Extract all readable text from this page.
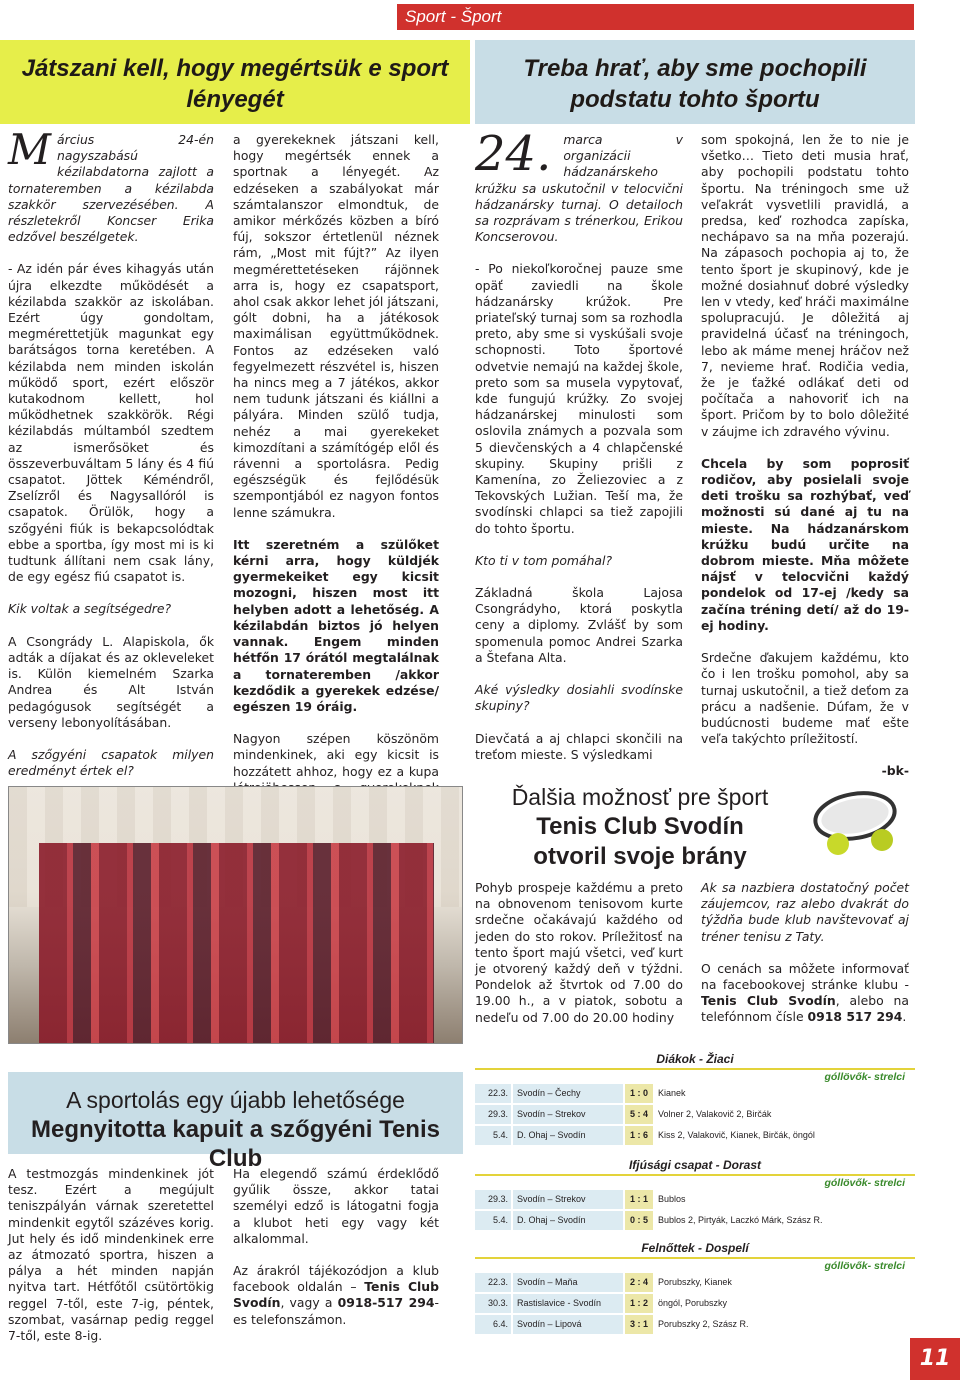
Sport - Šport
Játszani kell, hogy megértsük e sport lényegét
Treba hrať, aby sme pochopili podstatu tohto športu

Március 24-én nagyszabású kézilabdatorna zajlott a tornateremben a kézilabda szakkör szervezésében. A részletekről Koncser Erika edzővel beszélgetek.

- Az idén pár éves kihagyás után újra elkezdte működését a kézilabda szakkör az iskolában. Ezért úgy gondoltam, megmérettetjük magunkat egy barátságos torna keretében. A kézilabda nem minden iskolán működő sport, ezért először kutakodnom kellett, hol működhetnek szakkörök. Régi kézilabdás múltamból szedtem az ismerősöket és összeverbuváltam 5 lány és 4 fiú csapatot. Jöttek Kéméndről, Zselízről és Nagysallóról is csapatok. Örülök, hogy a szőgyéni fiúk is bekapcsolódtak ebbe a sportba, így most mi is ki tudtunk állítani nem csak lány, de egy egész fiú csapatot is.

Kik voltak a segítségedre?

A Csongrády L. Alapiskola, ők adták a díjakat és az okleveleket is. Külön kiemelném Szarka Andrea és Alt István pedagógusok segítségét a verseny lebonyolításában.

A szőgyéni csapatok milyen eredményt értek el?

a gyerekeknek játszani kell, hogy megértsék ennek a sportnak a lényegét. Az edzéseken a szabályokat már számtalanszor elmondtuk, de amikor mérkőzés közben a bíró fúj, sokszor értetlenül néznek rám, „Most mit fújt?” Az ilyen megmérettetéseken rájönnek arra is, hogy ez csapatsport, ahol csak akkor lehet jól játszani, gólt dobni, ha a játékosok maximálisan együttműködnek. Fontos az edzéseken való fegyelmezett részvétel is, hiszen ha nincs meg a 7 játékos, akkor nem tudunk játszani és kiállni a pályára. Minden szülő tudja, nehéz a mai gyerekeket kimozdítani a számítógép elől és rávenni a sportolásra. Pedig egészségük és fejlődésük szempontjából ez nagyon fontos lenne számukra.

Itt szeretném a szülőket kérni arra, hogy küldjék gyermekeiket egy kicsit mozogni, hiszen most itt helyben adott a lehetőség. A kézilabdán biztos jó helyen vannak. Engem minden hétfőn 17 órától megtalálnak a tornateremben /akkor kezdődik a gyerekek edzése/ egészen 19 óráig.

Nagyon szépen köszönöm mindenkinek, aki egy kicsit is hozzátett ahhoz, hogy ez a kupa

24. marca v organizácii hádzanárskeho krúžku sa uskutočnil v telocvični hádzanársky turnaj. O detailoch sa rozprávam s trénerkou, Erikou Koncserovou.

- Po niekoľkoročnej pauze sme opäť zaviedli na škole hádzanársky krúžok. Pre priateľský turnaj som sa rozhodla preto, aby sme si vyskúšali svoje schopnosti. Toto športové odvetvie nemajú na každej škole, preto som sa musela vypytovať, kde fungujú krúžky. Zo svojej hádzanárskej minulosti som oslovila známych a pozvala som 5 dievčenských a 4 chlapčenské skupiny. Skupiny prišli z Kamenína, zo Želiezoviec a z Tekovských Lužian. Teší ma, že svodínski chlapci sa tiež zapojili do tohto športu.

Kto ti v tom pomáhal?

Základná škola Lajosa Csongrádyho, ktorá poskytla ceny a diplomy. Zvlášť by som spomenula pomoc Andrei Szarka a Štefana Alta.

Aké výsledky dosiahli svodínske skupiny?

Dievčatá a aj chlapci skončili na treťom mieste. S výsledkami

som spokojná, len že to nie je všetko… Tieto deti musia hrať, aby pochopili podstatu tohto športu. Na tréningoch sme už veľakrát vysvetlili pravidlá, a predsa, keď rozhodca zapíska, nechápavo sa na mňa pozerajú. Na zápasoch pochopia aj to, že tento šport je skupinový, kde je možné dosiahnuť dobré výsledky len v vtedy, keď hráči maximálne spolupracujú. Je dôležitá aj pravidelná účasť na tréningoch, lebo ak máme menej hráčov než 7, nevieme hrať. Rodičia vedia, že je ťažké odlákať deti od počítača a nahovoriť ich na šport. Pričom by to bolo dôležité v záujme ich zdravého vývinu.

Chcela by som poprosiť rodičov, aby posielali svoje deti trošku sa rozhýbať, veď možnosti sú dané aj tu na mieste. Na hádzanárskom krúžku budú určite na dobrom mieste. Mňa môžete nájsť v telocvični každý pondelok od 17-ej /kedy sa začína tréning detí/ až do 19-ej hodiny.

Srdečne ďakujem každému, kto čo i len trošku pomohol, aby sa turnaj uskutočnil, a tiež deťom za prácu a nadšenie. Dúfam, že v budúcnosti budeme mať ešte veľa takýchto príležitostí.

-bk-

Ďalšia možnosť pre šport
Tenis Club Svodín
otvoril svoje brány

Pohyb prospeje každému a preto na obnovenom tenisovom kurte srdečne očakávajú každého od jeden do sto rokov. Príležitosť na tento šport majú všetci, veď kurt je otvorený každý deň v týždni. Pondelok až štvrtok od 7.00 do 19.00 h., a v piatok, sobotu a nedeľu od 7.00 do 20.00 hodiny

Ak sa nazbiera dostatočný počet záujemcov, raz alebo dvakrát do týždňa bude klub navštevovať aj tréner tenisu z Taty.

O cenách sa môžete informovať na facebookovej stránke klubu - Tenis Club Svodín, alebo na telefónnom čísle 0918 517 294.

A sportolás egy újabb lehetősége
Megnyitotta kapuit a szőgyéni Tenis Club

A testmozgás mindenkinek jót tesz. Ezért a megújult teniszpályán várnak szeretettel mindenkit egytől százéves korig. Jut hely és idő mindenkinek erre az átmozató sportra, hiszen a pálya a hét minden napján nyitva tart. Hétfőtől csütörtökig reggel 7-től, este 7-ig, péntek, szombat, vasárnap pedig reggel 7-től, este 8-ig.

Ha elegendő számú érdeklődő gyűlik össze, akkor tatai személyi edző is látogatni fogja a klubot heti egy vagy két alkalommal.

Az árakról tájékozódjon a klub facebook oldalán – Tenis Club Svodín, vagy a 0918-517 294-es telefonszámon.

Diákok - Žiaci
góllövők- strelci
22.3.	Svodín – Čechy	1 : 0	Kianek
29.3.	Svodín – Strekov	5 : 4	Volner 2, Valakovič 2, Birčák
5.4.	D. Ohaj – Svodín	1 : 6	Kiss 2, Valakovič, Kianek, Birčák, öngól
Ifjúsági csapat - Dorast
góllövők- strelci
29.3.	Svodín – Strekov	1 : 1	Bublos
5.4.	D. Ohaj – Svodín	0 : 5	Bublos 2, Pirtyák, Laczkó Márk, Szász R.
Felnőttek - Dospelí
góllövők- strelci
22.3.	Svodín – Maňa	2 : 4	Porubszky, Kianek
30.3.	Rastislavice - Svodín	1 : 2	öngól, Porubszky
6.4.	Svodín – Lipová	3 : 1	Porubszky 2, Szász R.
11
